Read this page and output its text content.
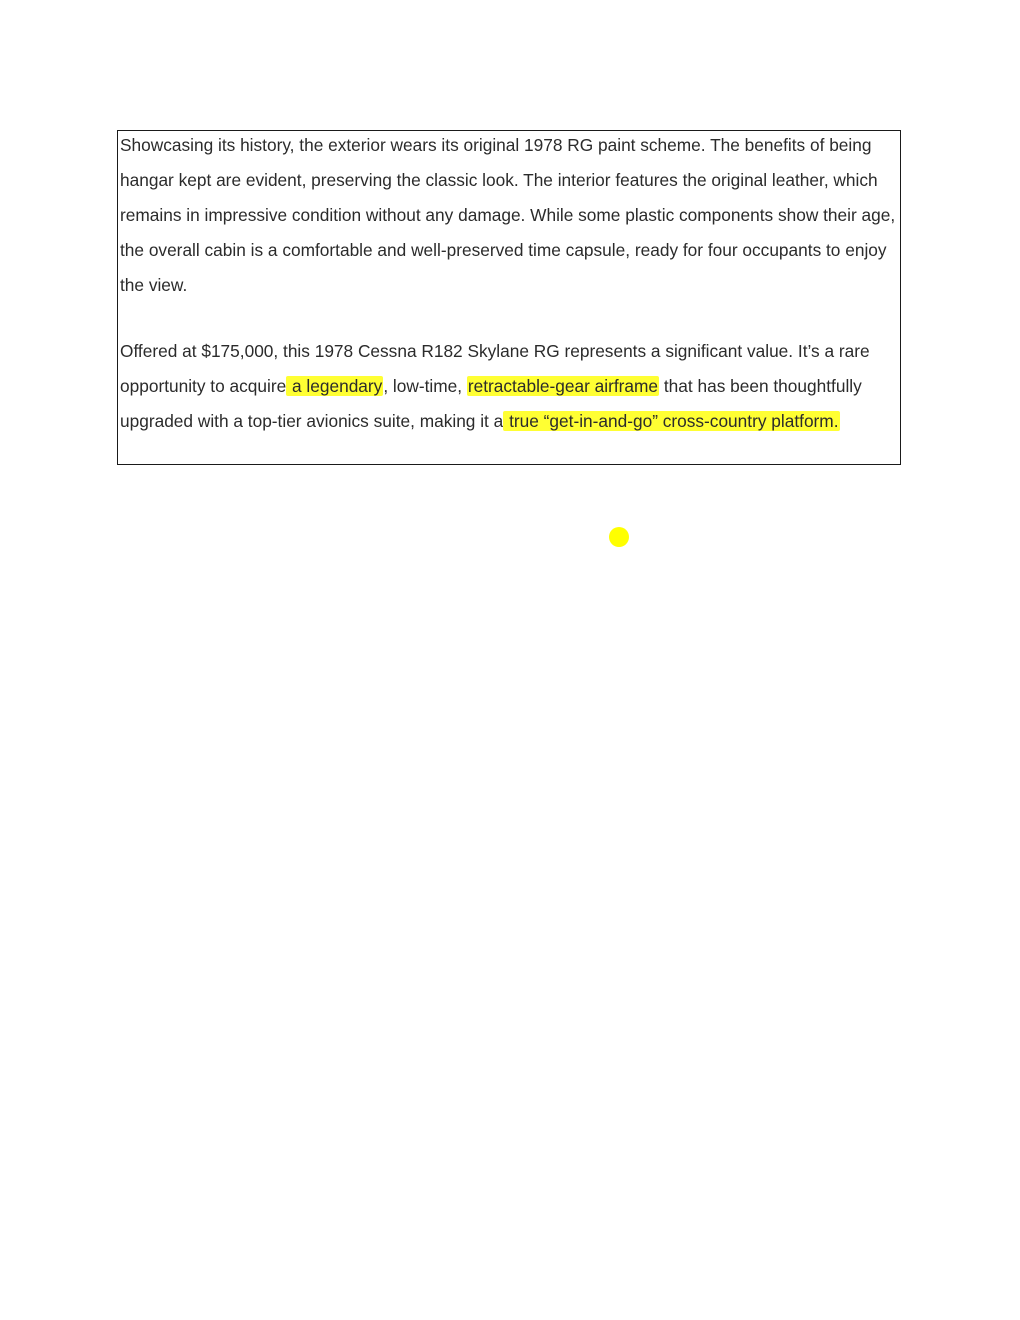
Showcasing its history, the exterior wears its original 1978 RG paint scheme. The benefits of being hangar kept are evident, preserving the classic look. The interior features the original leather, which remains in impressive condition without any damage. While some plastic components show their age, the overall cabin is a comfortable and well-preserved time capsule, ready for four occupants to enjoy the view.

Offered at $175,000, this 1978 Cessna R182 Skylane RG represents a significant value. It’s a rare opportunity to acquire a legendary, low-time, retractable-gear airframe that has been thoughtfully upgraded with a top-tier avionics suite, making it a true “get-in-and-go” cross-country platform.
